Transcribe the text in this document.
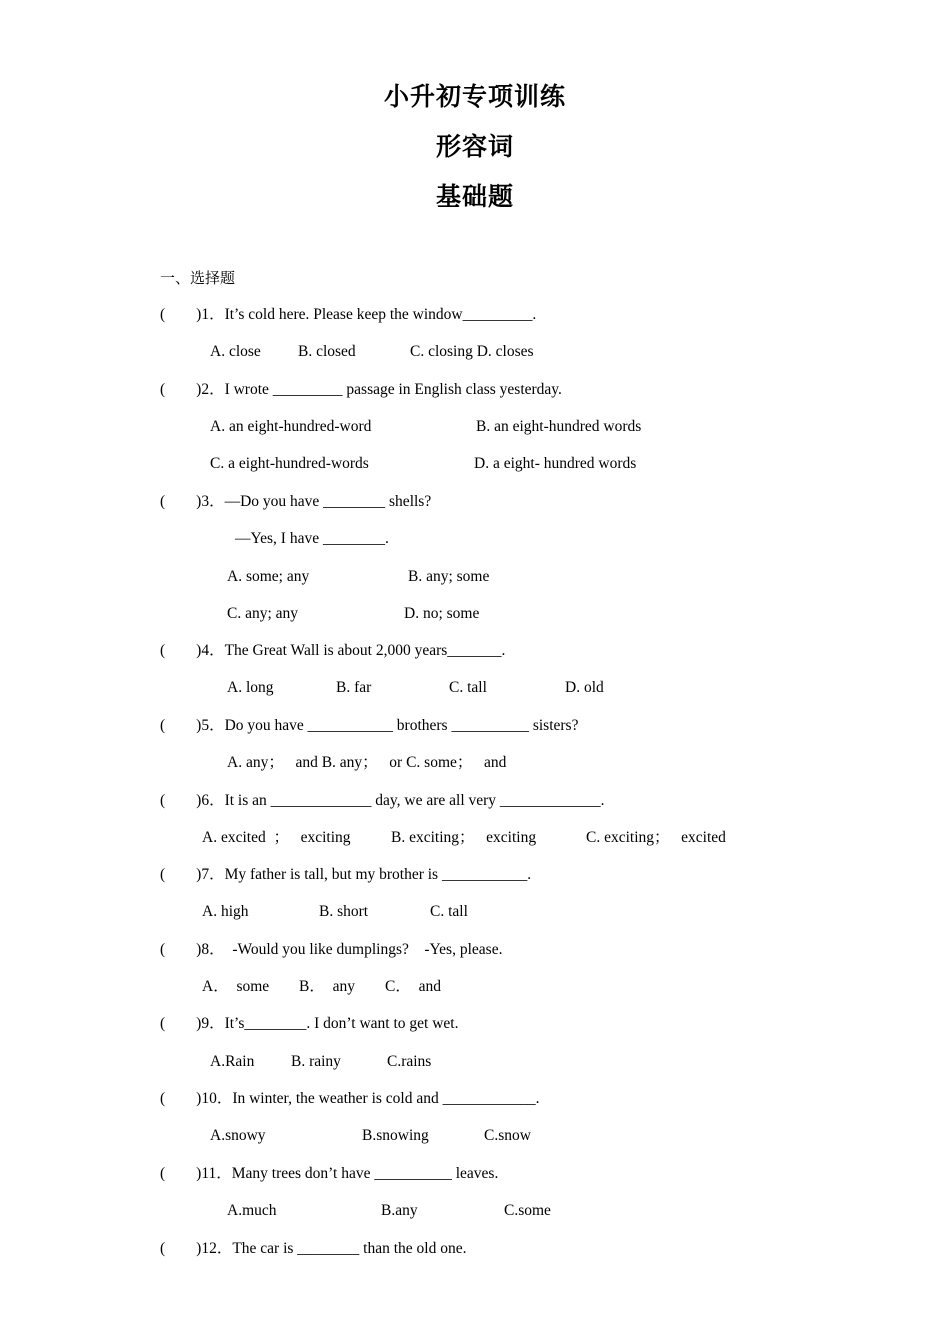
小升初专项训练
形容词
基础题
一、选择题
(        )1．It’s cold here. Please keep the window_________.
A. close B. closed	C. closing D. closes
(        )2．I wrote _________ passage in English class yesterday.
A. an eight-hundred-word	B. an eight-hundred words
C. a eight-hundred-words	D. a eight- hundred words
(        )3．—Do you have ________ shells?
—Yes, I have ________.
A. some; any	B. any; some
C. any; any	D. no; some
(        )4．The Great Wall is about 2,000 years_______.
A. long	B. far	C. tall	D. old
(        )5．Do you have ___________ brothers __________ sisters?
A. any；   and B. any；   or C. some；   and
(        )6．It is an _____________ day, we are all very _____________.
A. excited  ；   exciting	B. exciting；   exciting	C. exciting；   excited
(        )7．My father is tall, but my brother is ___________.
A. high	B. short	C. tall
(        )8．  -Would you like dumplings?    -Yes, please.
A．  some B．  any C．  and
(        )9．It’s________. I don’t want to get wet.
A.Rain B. rainy	C.rains
(        )10．In winter, the weather is cold and ____________.
A.snowy	B.snowing	C.snow
(        )11．Many trees don’t have __________ leaves.
A.much	B.any	C.some
(        )12．The car is ________ than the old one.
